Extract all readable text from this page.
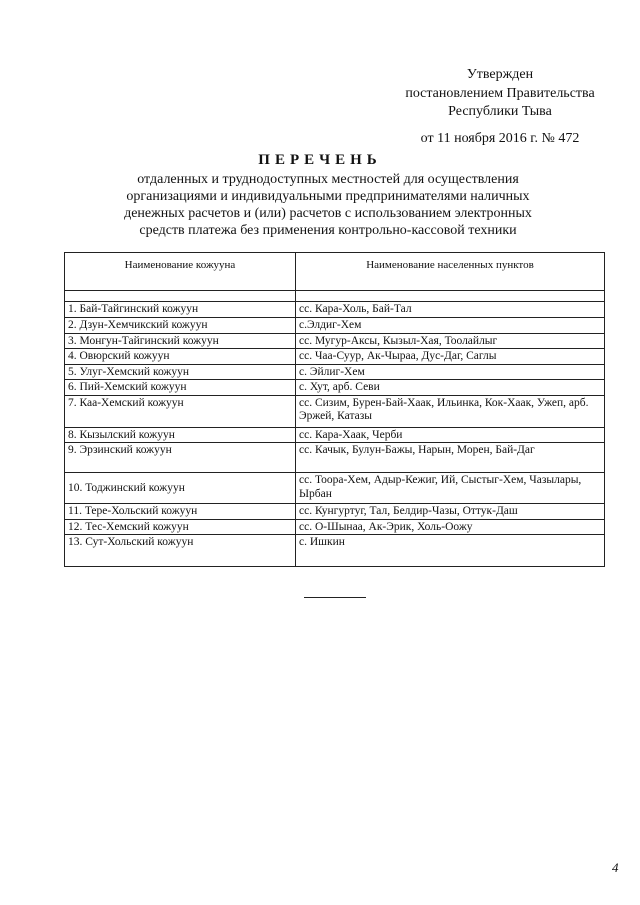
Утвержден
постановлением Правительства
Республики Тыва
от 11 ноября 2016 г. № 472
ПЕРЕЧЕНЬ
отдаленных и труднодоступных местностей для осуществления
организациями и индивидуальными предпринимателями наличных
денежных расчетов и (или) расчетов с использованием электронных
средств платежа без применения контрольно-кассовой техники
Наименование кожууна	Наименование населенных пунктов

1. Бай-Тайгинский кожуун	сс. Кара-Холь, Бай-Тал
2. Дзун-Хемчикский кожуун	с.Элдиг-Хем
3. Монгун-Тайгинский кожуун	сс. Мугур-Аксы, Кызыл-Хая, Тоолайлыг
4. Овюрский кожуун	сс. Чаа-Суур, Ак-Чыраа, Дус-Даг, Саглы
5. Улуг-Хемский кожуун	с. Эйлиг-Хем
6. Пий-Хемский кожуун	с. Хут, арб. Севи
7. Каа-Хемский кожуун	сс. Сизим, Бурен-Бай-Хаак, Ильинка, Кок-Хаак, Ужеп, арб. Эржей, Катазы
8. Кызылский кожуун	сс. Кара-Хаак, Черби
9. Эрзинский кожуун	сс. Качык, Булун-Бажы, Нарын, Морен, Бай-Даг
10. Тоджинский кожуун	сс. Тоора-Хем, Адыр-Кежиг, Ий, Сыстыг-Хем, Чазылары, Ырбан
11. Тере-Хольский кожуун	сс. Кунгуртуг, Тал, Белдир-Чазы, Оттук-Даш
12. Тес-Хемский кожуун	сс. О-Шынаа, Ак-Эрик, Холь-Оожу
13. Сут-Хольский кожуун	с. Ишкин
4
